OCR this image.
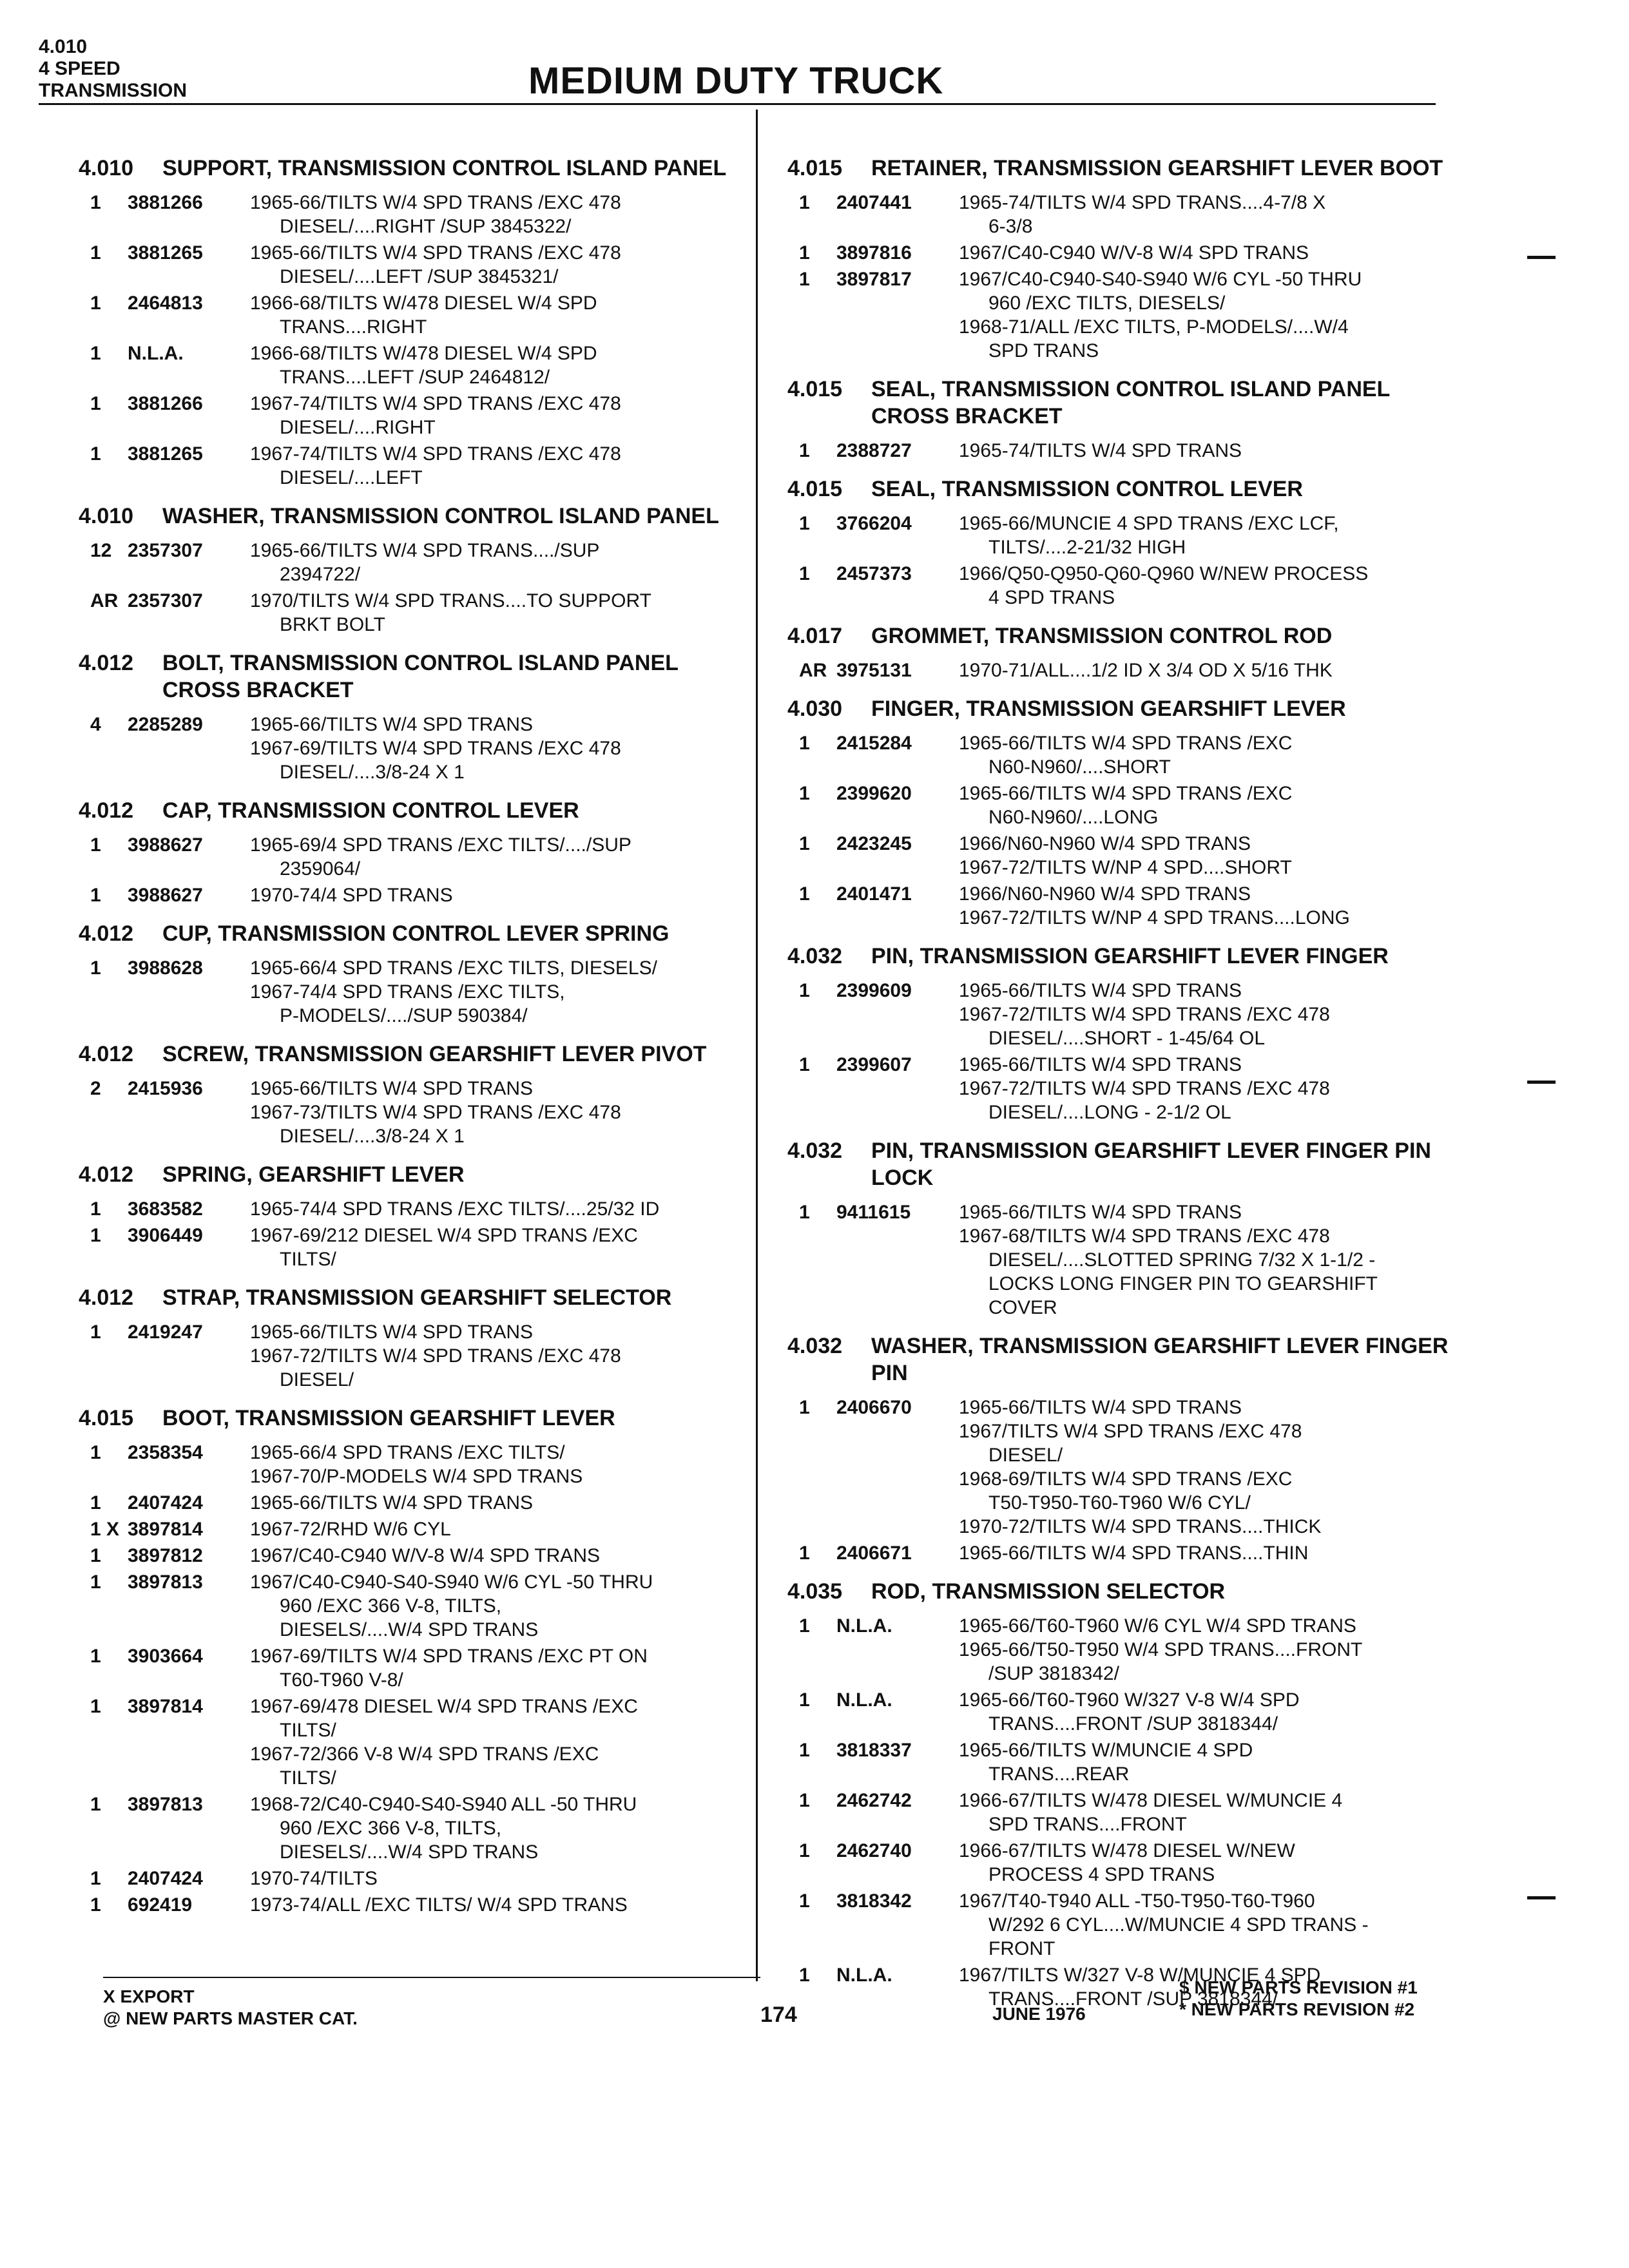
4.010
4 SPEED
TRANSMISSION	MEDIUM DUTY TRUCK
4.010	SUPPORT, TRANSMISSION CONTROL ISLAND PANEL
1	3881266	1965-66/TILTS W/4 SPD TRANS /EXC 478
DIESEL/....RIGHT /SUP 3845322/
1	3881265	1965-66/TILTS W/4 SPD TRANS /EXC 478
DIESEL/....LEFT /SUP 3845321/
1	2464813	1966-68/TILTS W/478 DIESEL W/4 SPD
TRANS....RIGHT
1	N.L.A.	1966-68/TILTS W/478 DIESEL W/4 SPD
TRANS....LEFT /SUP 2464812/
1	3881266	1967-74/TILTS W/4 SPD TRANS /EXC 478
DIESEL/....RIGHT
1	3881265	1967-74/TILTS W/4 SPD TRANS /EXC 478
DIESEL/....LEFT
4.010	WASHER, TRANSMISSION CONTROL ISLAND PANEL
12 2357307	1965-66/TILTS W/4 SPD TRANS..../SUP
2394722/
AR 2357307	1970/TILTS W/4 SPD TRANS....TO SUPPORT
BRKT BOLT
4.012	BOLT, TRANSMISSION CONTROL ISLAND PANEL CROSS BRACKET
4	2285289	1965-66/TILTS W/4 SPD TRANS
1967-69/TILTS W/4 SPD TRANS /EXC 478
DIESEL/....3/8-24 X 1
4.012	CAP, TRANSMISSION CONTROL LEVER
1	3988627	1965-69/4 SPD TRANS /EXC TILTS/..../SUP
2359064/
1	3988627	1970-74/4 SPD TRANS
4.012	CUP, TRANSMISSION CONTROL LEVER SPRING
1	3988628	1965-66/4 SPD TRANS /EXC TILTS, DIESELS/
1967-74/4 SPD TRANS /EXC TILTS,
P-MODELS/..../SUP 590384/
4.012	SCREW, TRANSMISSION GEARSHIFT LEVER PIVOT
2	2415936	1965-66/TILTS W/4 SPD TRANS
1967-73/TILTS W/4 SPD TRANS /EXC 478
DIESEL/....3/8-24 X 1
4.012	SPRING, GEARSHIFT LEVER
1	3683582	1965-74/4 SPD TRANS /EXC TILTS/....25/32 ID
1	3906449	1967-69/212 DIESEL W/4 SPD TRANS /EXC
TILTS/
4.012	STRAP, TRANSMISSION GEARSHIFT SELECTOR
1	2419247	1965-66/TILTS W/4 SPD TRANS
1967-72/TILTS W/4 SPD TRANS /EXC 478
DIESEL/
4.015	BOOT, TRANSMISSION GEARSHIFT LEVER
1	2358354	1965-66/4 SPD TRANS /EXC TILTS/
1967-70/P-MODELS W/4 SPD TRANS
1	2407424	1965-66/TILTS W/4 SPD TRANS
1 X 3897814	1967-72/RHD W/6 CYL
1	3897812	1967/C40-C940 W/V-8 W/4 SPD TRANS
1	3897813	1967/C40-C940-S40-S940 W/6 CYL -50 THRU
960 /EXC 366 V-8, TILTS,
DIESELS/....W/4 SPD TRANS
1	3903664	1967-69/TILTS W/4 SPD TRANS /EXC PT ON
T60-T960 V-8/
1	3897814	1967-69/478 DIESEL W/4 SPD TRANS /EXC
TILTS/
1967-72/366 V-8 W/4 SPD TRANS /EXC
TILTS/
1	3897813	1968-72/C40-C940-S40-S940 ALL -50 THRU
960 /EXC 366 V-8, TILTS,
DIESELS/....W/4 SPD TRANS
1	2407424	1970-74/TILTS
1	692419	1973-74/ALL /EXC TILTS/ W/4 SPD TRANS
4.015	RETAINER, TRANSMISSION GEARSHIFT LEVER BOOT
1	2407441	1965-74/TILTS W/4 SPD TRANS....4-7/8 X
6-3/8
1	3897816	1967/C40-C940 W/V-8 W/4 SPD TRANS
1	3897817	1967/C40-C940-S40-S940 W/6 CYL -50 THRU
960 /EXC TILTS, DIESELS/
1968-71/ALL /EXC TILTS, P-MODELS/....W/4
SPD TRANS
4.015	SEAL, TRANSMISSION CONTROL ISLAND PANEL CROSS BRACKET
1	2388727	1965-74/TILTS W/4 SPD TRANS
4.015	SEAL, TRANSMISSION CONTROL LEVER
1	3766204	1965-66/MUNCIE 4 SPD TRANS /EXC LCF,
TILTS/....2-21/32 HIGH
1	2457373	1966/Q50-Q950-Q60-Q960 W/NEW PROCESS
4 SPD TRANS
4.017	GROMMET, TRANSMISSION CONTROL ROD
AR 3975131	1970-71/ALL....1/2 ID X 3/4 OD X 5/16 THK
4.030	FINGER, TRANSMISSION GEARSHIFT LEVER
1	2415284	1965-66/TILTS W/4 SPD TRANS /EXC
N60-N960/....SHORT
1	2399620	1965-66/TILTS W/4 SPD TRANS /EXC
N60-N960/....LONG
1	2423245	1966/N60-N960 W/4 SPD TRANS
1967-72/TILTS W/NP 4 SPD....SHORT
1	2401471	1966/N60-N960 W/4 SPD TRANS
1967-72/TILTS W/NP 4 SPD TRANS....LONG
4.032	PIN, TRANSMISSION GEARSHIFT LEVER FINGER
1	2399609	1965-66/TILTS W/4 SPD TRANS
1967-72/TILTS W/4 SPD TRANS /EXC 478
DIESEL/....SHORT - 1-45/64 OL
1	2399607	1965-66/TILTS W/4 SPD TRANS
1967-72/TILTS W/4 SPD TRANS /EXC 478
DIESEL/....LONG - 2-1/2 OL
4.032	PIN, TRANSMISSION GEARSHIFT LEVER FINGER PIN LOCK
1	9411615	1965-66/TILTS W/4 SPD TRANS
1967-68/TILTS W/4 SPD TRANS /EXC 478
DIESEL/....SLOTTED SPRING 7/32 X 1-1/2 -
LOCKS LONG FINGER PIN TO GEARSHIFT
COVER
4.032	WASHER, TRANSMISSION GEARSHIFT LEVER FINGER PIN
1	2406670	1965-66/TILTS W/4 SPD TRANS
1967/TILTS W/4 SPD TRANS /EXC 478
DIESEL/
1968-69/TILTS W/4 SPD TRANS /EXC
T50-T950-T60-T960 W/6 CYL/
1970-72/TILTS W/4 SPD TRANS....THICK
1	2406671	1965-66/TILTS W/4 SPD TRANS....THIN
4.035	ROD, TRANSMISSION SELECTOR
1	N.L.A.	1965-66/T60-T960 W/6 CYL W/4 SPD TRANS
1965-66/T50-T950 W/4 SPD TRANS....FRONT
/SUP 3818342/
1	N.L.A.	1965-66/T60-T960 W/327 V-8 W/4 SPD
TRANS....FRONT /SUP 3818344/
1	3818337	1965-66/TILTS W/MUNCIE 4 SPD
TRANS....REAR
1	2462742	1966-67/TILTS W/478 DIESEL W/MUNCIE 4
SPD TRANS....FRONT
1	2462740	1966-67/TILTS W/478 DIESEL W/NEW
PROCESS 4 SPD TRANS
1	3818342	1967/T40-T940 ALL -T50-T950-T60-T960
W/292 6 CYL....W/MUNCIE 4 SPD TRANS -
FRONT
1	N.L.A.	1967/TILTS W/327 V-8 W/MUNCIE 4 SPD
TRANS....FRONT /SUP 3818344/
X EXPORT
@ NEW PARTS MASTER CAT.	174	JUNE 1976
$ NEW PARTS REVISION #1
* NEW PARTS REVISION #2
